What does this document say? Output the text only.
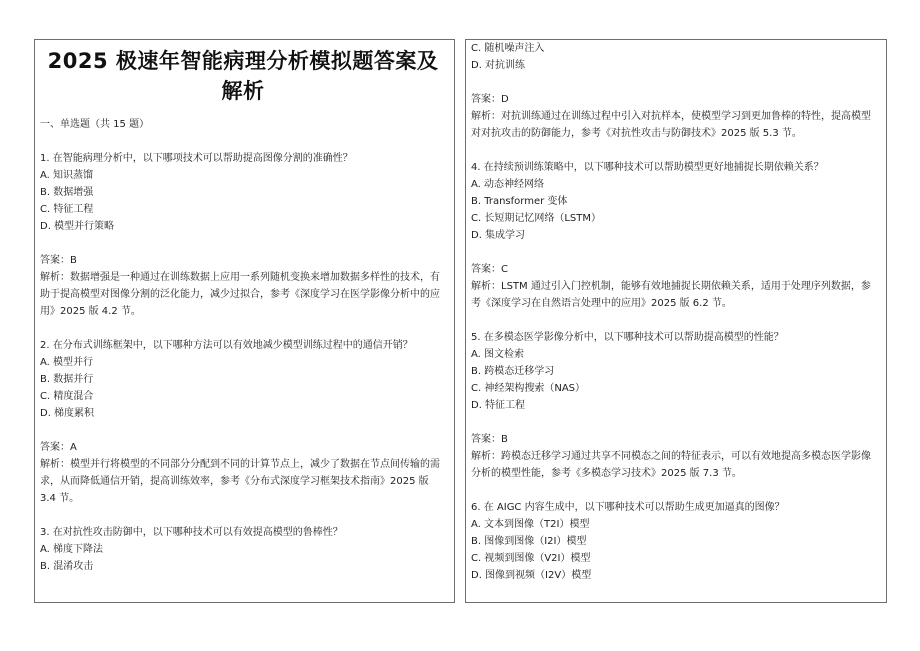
2025 极速年智能病理分析模拟题答案及解析
一、单选题（共 15 题）
1. 在智能病理分析中，以下哪项技术可以帮助提高图像分割的准确性？
A. 知识蒸馏
B. 数据增强
C. 特征工程
D. 模型并行策略
答案：B
解析：数据增强是一种通过在训练数据上应用一系列随机变换来增加数据多样性的技术，有助于提高模型对图像分割的泛化能力，减少过拟合，参考《深度学习在医学影像分析中的应用》2025 版 4.2 节。
2. 在分布式训练框架中，以下哪种方法可以有效地减少模型训练过程中的通信开销？
A. 模型并行
B. 数据并行
C. 精度混合
D. 梯度累积
答案：A
解析：模型并行将模型的不同部分分配到不同的计算节点上，减少了数据在节点间传输的需求，从而降低通信开销，提高训练效率，参考《分布式深度学习框架技术指南》2025 版 3.4 节。
3. 在对抗性攻击防御中，以下哪种技术可以有效提高模型的鲁棒性？
A. 梯度下降法
B. 混淆攻击
C. 随机噪声注入
D. 对抗训练
答案：D
解析：对抗训练通过在训练过程中引入对抗样本，使模型学习到更加鲁棒的特性，提高模型对对抗攻击的防御能力，参考《对抗性攻击与防御技术》2025 版 5.3 节。
4. 在持续预训练策略中，以下哪种技术可以帮助模型更好地捕捉长期依赖关系？
A. 动态神经网络
B. Transformer 变体
C. 长短期记忆网络（LSTM）
D. 集成学习
答案：C
解析：LSTM 通过引入门控机制，能够有效地捕捉长期依赖关系，适用于处理序列数据，参考《深度学习在自然语言处理中的应用》2025 版 6.2 节。
5. 在多模态医学影像分析中，以下哪种技术可以帮助提高模型的性能？
A. 图文检索
B. 跨模态迁移学习
C. 神经架构搜索（NAS）
D. 特征工程
答案：B
解析：跨模态迁移学习通过共享不同模态之间的特征表示，可以有效地提高多模态医学影像分析的模型性能，参考《多模态学习技术》2025 版 7.3 节。
6. 在 AIGC 内容生成中，以下哪种技术可以帮助生成更加逼真的图像？
A. 文本到图像（T2I）模型
B. 图像到图像（I2I）模型
C. 视频到图像（V2I）模型
D. 图像到视频（I2V）模型
